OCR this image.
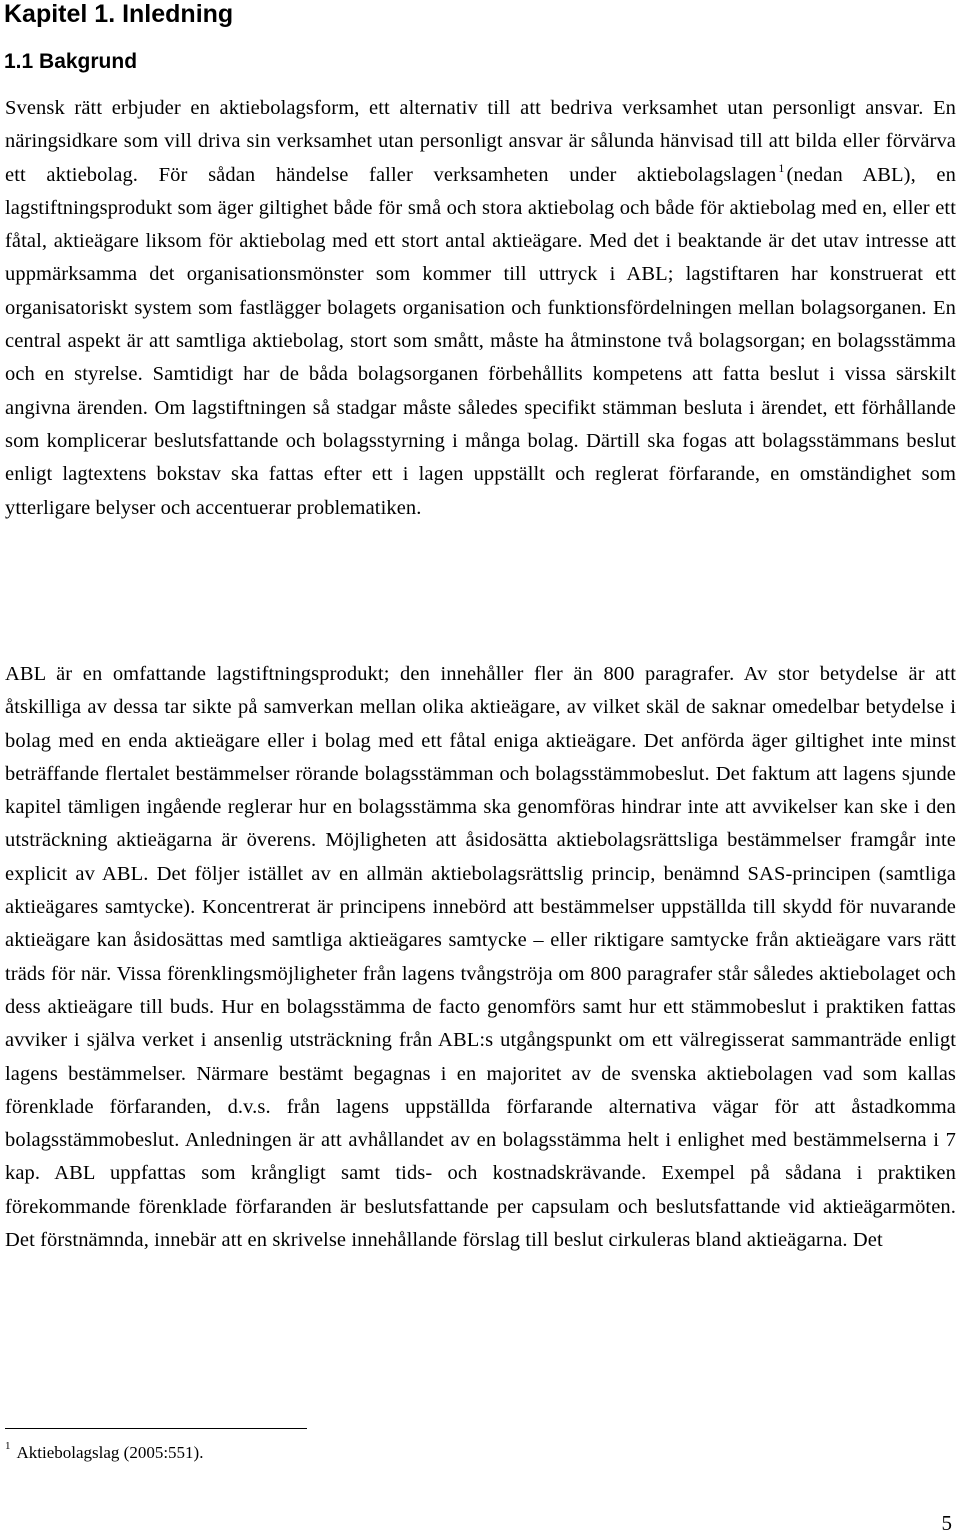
Kapitel 1. Inledning
1.1 Bakgrund

Svensk rätt erbjuder en aktiebolagsform, ett alternativ till att bedriva verksamhet utan personligt ansvar. En näringsidkare som vill driva sin verksamhet utan personligt ansvar är sålunda hänvisad till att bilda eller förvärva ett aktiebolag. För sådan händelse faller verksamheten under aktiebolagslagen $^1$(nedan ABL), en lagstiftningsprodukt som äger giltighet både för små och stora aktiebolag och både för aktiebolag med en, eller ett fåtal, aktieägare liksom för aktiebolag med ett stort antal aktieägare. Med det i beaktande är det utav intresse att uppmärksamma det organisationsmönster som kommer till uttryck i ABL; lagstiftaren har konstruerat ett organisatoriskt system som fastlägger bolagets organisation och funktionsfördelningen mellan bolagsorganen. En central aspekt är att samtliga aktiebolag, stort som smått, måste ha åtminstone två bolagsorgan; en bolagsstämma och en styrelse. Samtidigt har de båda bolagsorganen förbehållits kompetens att fatta beslut i vissa särskilt angivna ärenden. Om lagstiftningen så stadgar måste således specifikt stämman besluta i ärendet, ett förhållande som komplicerar beslutsfattande och bolagsstyrning i många bolag. Därtill ska fogas att bolagsstämmans beslut enligt lagtextens bokstav ska fattas efter ett i lagen uppställt och reglerat förfarande, en omständighet som ytterligare belyser och accentuerar problematiken.

ABL är en omfattande lagstiftningsprodukt; den innehåller fler än 800 paragrafer. Av stor betydelse är att åtskilliga av dessa tar sikte på samverkan mellan olika aktieägare, av vilket skäl de saknar omedelbar betydelse i bolag med en enda aktieägare eller i bolag med ett fåtal eniga aktieägare. Det anförda äger giltighet inte minst beträffande flertalet bestämmelser rörande bolagsstämman och bolagsstämmobeslut. Det faktum att lagens sjunde kapitel tämligen ingående reglerar hur en bolagsstämma ska genomföras hindrar inte att avvikelser kan ske i den utsträckning aktieägarna är överens. Möjligheten att åsidosätta aktiebolagsrättsliga bestämmelser framgår inte explicit av ABL. Det följer istället av en allmän aktiebolagsrättslig princip, benämnd SAS-principen (samtliga aktieägares samtycke). Koncentrerat är principens innebörd att bestämmelser uppställda till skydd för nuvarande aktieägare kan åsidosättas med samtliga aktieägares samtycke – eller riktigare samtycke från aktieägare vars rätt träds för när. Vissa förenklingsmöjligheter från lagens tvångströja om 800 paragrafer står således aktiebolaget och dess aktieägare till buds. Hur en bolagsstämma de facto genomförs samt hur ett stämmobeslut i praktiken fattas avviker i själva verket i ansenlig utsträckning från ABL:s utgångspunkt om ett välregisserat sammanträde enligt lagens bestämmelser. Närmare bestämt begagnas i en majoritet av de svenska aktiebolagen vad som kallas förenklade förfaranden, d.v.s. från lagens uppställda förfarande alternativa vägar för att åstadkomma bolagsstämmobeslut. Anledningen är att avhållandet av en bolagsstämma helt i enlighet med bestämmelserna i 7 kap. ABL uppfattas som krångligt samt tids- och kostnadskrävande. Exempel på sådana i praktiken förekommande förenklade förfaranden är beslutsfattande per capsulam och beslutsfattande vid aktieägarmöten. Det förstnämnda, innebär att en skrivelse innehållande förslag till beslut cirkuleras bland aktieägarna. Det

$^1$ Aktiebolagslag (2005:551).

5
